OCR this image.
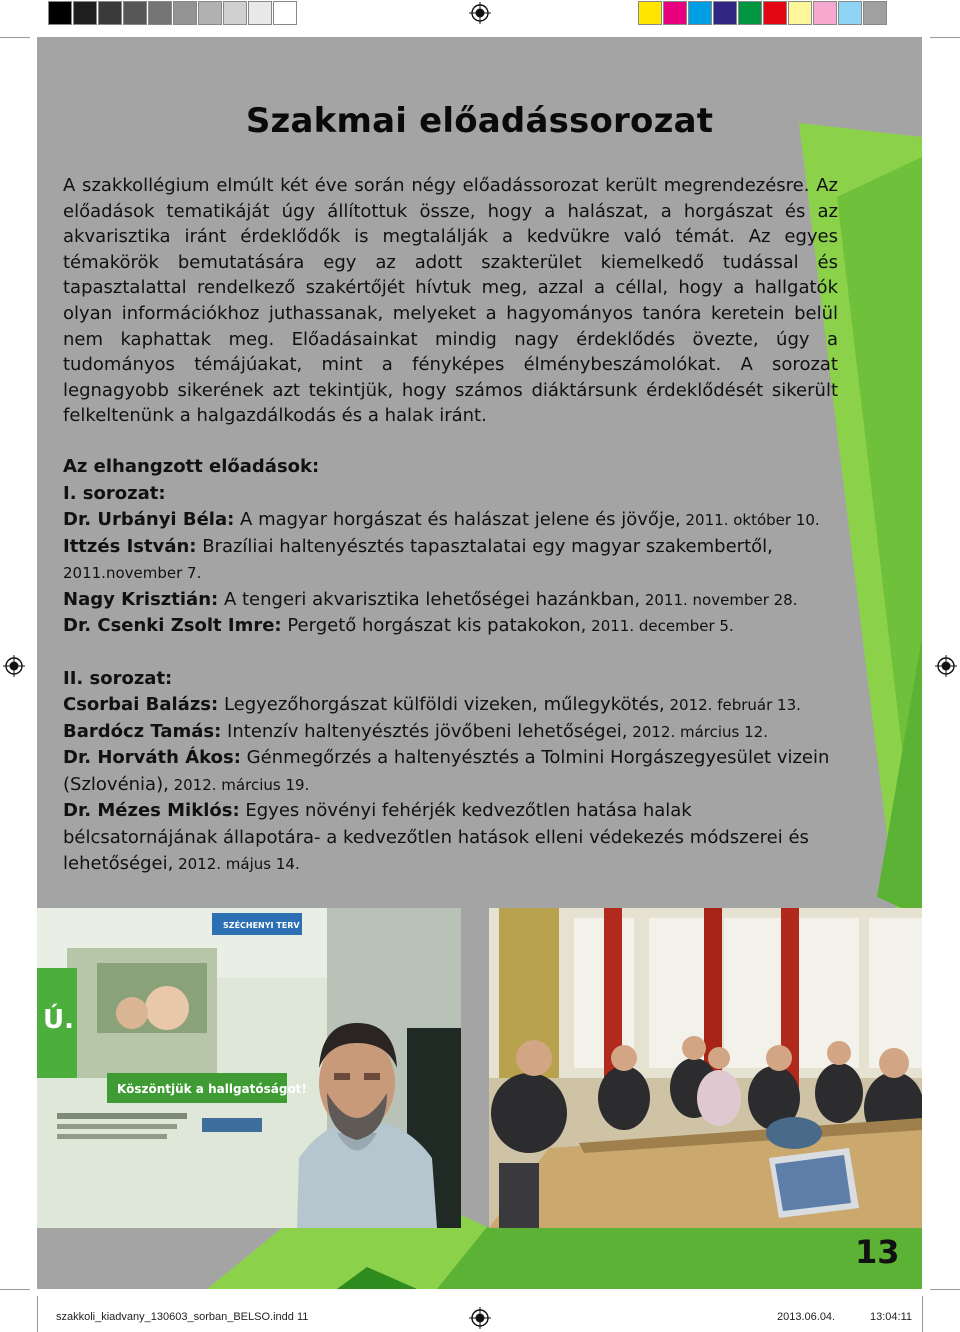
Szakmai előadássorozat

A szakkollégium elmúlt két éve során négy előadássorozat került megrendezésre. Az előadások tematikáját úgy állítottuk össze, hogy a halászat, a horgászat és az akvarisztika iránt érdeklődők is megtalálják a kedvükre való témát. Az egyes témakörök bemutatására egy az adott szakterület kiemelkedő tudással és tapasztalattal rendelkező szakértőjét hívtuk meg, azzal a céllal, hogy a hallgatók olyan információkhoz juthassanak, melyeket a hagyományos tanóra keretein belül nem kaphattak meg. Előadásainkat mindig nagy érdeklődés övezte, úgy a tudományos témájúakat, mint a fényképes élménybeszámolókat. A sorozat legnagyobb sikerének azt tekintjük, hogy számos diáktársunk érdeklődését sikerült felkeltenünk a halgazdálkodás és a halak iránt.

Az elhangzott előadások:

I. sorozat:

Dr. Urbányi Béla: A magyar horgászat és halászat jelene és jövője, 2011. október 10.

Ittzés István: Brazíliai haltenyésztés tapasztalatai egy magyar szakembertől, 2011.november 7.

Nagy Krisztián: A tengeri akvarisztika lehetőségei hazánkban, 2011. november 28.

Dr. Csenki Zsolt Imre: Pergető horgászat kis patakokon, 2011. december 5.

II. sorozat:

Csorbai Balázs: Legyezőhorgászat külföldi vizeken, műlegykötés, 2012. február 13.

Bardócz Tamás: Intenzív haltenyésztés jövőbeni lehetőségei, 2012. március 12.

Dr. Horváth Ákos: Génmegőrzés a haltenyésztés a Tolmini Horgászegyesület vizein (Szlovénia), 2012. március 19.

Dr. Mézes Miklós: Egyes növényi fehérjék kedvezőtlen hatása halak bélcsatornájának állapotára- a kedvezőtlen hatások elleni védekezés módszerei és lehetőségei, 2012. május 14.

SZÉCHENYI TERV
Ú.
Köszöntjük a hallgatóságot!
13
szakkoli_kiadvany_130603_sorban_BELSO.indd 11	2013.06.04.	13:04:11
